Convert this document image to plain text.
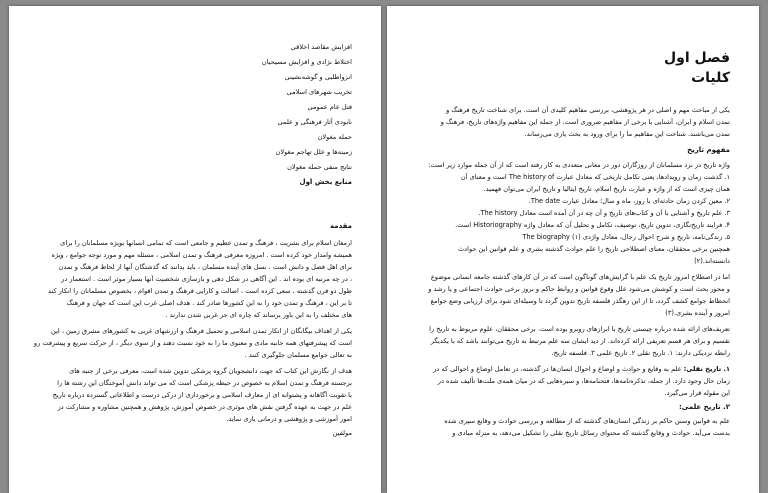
افزایش مقاصد اخلاقی
اختلاط نژادی و افزایش مسیحیان
انزواطلبی و گوشه‌نشینی
تخریب شهرهای اسلامی
قتل عام عمومی
نابودی آثار فرهنگی و علمی
حمله مغولان
زمینه‌ها و علل تهاجم مغولان
نتایج منفی حمله مغولان
منابع بخش اول
مقدمه
ارمغان اسلام برای بشریت ، فرهنگ و تمدن عظیم و جامعی است که تمامی انسانها بویژه مسلمانان را برای
همیشه وامدار خود کرده است . امروزه معرفی فرهنگ و تمدن اسلامی ، مسئله مهم و مورد توجه جوامع ، ویژه
برای اهل فضل و دانش است . نسل های آینده مسلمان ، باید بدانند که گذشتگان آنها از لحاظ فرهنگ و تمدن
، در چه مرتبه ای بوده اند . این آگاهی در شکل دهی و بازسازی شخصیت آنها بسیار موثر است . استعمار در
طول دو قرن گذشته ، سعی کرده است ، اصالت و کارایی فرهنگ و تمدن اقوام ، بخصوص مسلمانان را انکار کند
تا بر این ، فرهنگ و تمدن خود را به این کشورها صادر کند . هدف اصلی غرب این است که جهان و فرهنگ
های مختلف را به این باور برساند که چاره ای جز غربی شدن ندارند .
یکی از اهداف بیگانگان از انکار تمدن اسلامی و تحمیل فرهنگ و ارزشهای غربی به کشورهای مشرق زمین ، این
است که پیشرفتهای همه جانبه مادی و معنوی ما را به خود نسبت دهند و از سوی دیگر ، از حرکت سریع و پیشرفت رو
به تعالی جوامع مسلمان جلوگیری کنند .
هدف از نگارش این کتاب که جهت دانشجویان گروه پزشکی تدوین شده است، معرفی برخی از جنبه های
برجسته فرهنگ و تمدن اسلام به خصوص در حیطه پزشکی است که می تواند دانش آموختگان این رشته ها را
با تقویت آگاهانه و پشتوانه ای از معارف اسلامی و برخورداری از درکی درست و اطلاعاتی گسترده درباره تاریخ
علم در جهت به عهده گرفتن نقش های موثری در خصوص آموزش، پژوهش و همچنین مشاوره و مشارکت در
امور آموزشی و پژوهشی و درمانی یاری نماید.
مولفین
فصل اول
کلیات
یکی از مباحث مهم و اصلی در هر پژوهشی، بررسی مفاهیم کلیدی آن است. برای شناخت تاریخ فرهنگ و
تمدن اسلام و ایران، آشنایی با برخی از مفاهیم ضروری است. از جمله این مفاهیم واژه‌های تاریخ، فرهنگ و
تمدن می‌باشند. شناخت این مفاهیم ما را برای ورود به بحث یاری می‌رساند.
مفهوم تاریخ
واژه تاریخ در نزد مسلمانان از روزگاران دور در معانی متعددی به کار رفته است که از آن جمله موارد زیر است:
۱. گذشت زمان و رویدادها، یعنی تکامل تاریخی که معادل عبارت The history of است و معنای آن
همان چیزی است که از واژه و عبارت تاریخ اسلام، تاریخ ایتالیا و تاریخ ایران می‌توان فهمید.
۲. معین کردن زمان حادثه‌ای با روز، ماه و سال؛ معادل عبارت The date.
۳. علم تاریخ و آشنایی با آن و کتاب‌های تاریخ و آن چه در آن آمده است معادل The history.
۴. فرایند تاریخ‌نگاری، تدوین تاریخ، توصیف، تکامل و تحلیل آن که معادل واژه Historiography است.
۵. زندگی‌نامه، تاریخ و شرح احوال رجال، معادل واژدی The biography (۱)
همچنین برخی محققان، معنای اصطلاحی تاریخ را علم حوادث گذشته بشری و علم قوانین این حوادث
دانسته‌اند.(۲)
اما در اصطلاح امروز تاریخ یک علم با گرایش‌های گوناگون است که در آن کارهای گذشته جامعه انسانی موضوع
و محور بحث است و کوشش می‌شود علل وقوع قوانین و روابط حاکم و بروز برخی حوادث اجتماعی و یا رشد و
انحطاط جوامع کشف گردد، تا از این رهگذر فلسفه تاریخ تدوین گردد تا وسیله‌ای شود برای ارزیابی وضع جوامع
امروز و آینده بشری.(۳)
تعریف‌های ارائه شده درباره چیستی تاریخ با ابرازهای روبرو بوده است. برخی محققان، علوم مربوط به تاریخ را
تقسیم و برای هر قسم تعریفی ارائه کرده‌اند. از دید ایشان سه علم مرتبط به تاریخ می‌توانند باشد که با یکدیگر
رابطه نزدیکی دارند: ۱. تاریخ نقلی ۲. تاریخ علمی ۳. فلسفه تاریخ.
۱. تاریخ نقلی: علم به وقایع و حوادث و اوضاع و احوال انسان‌ها در گذشته، در تعامل اوضاع و احوالی که در
زمان حال وجود دارد. از جمله، تذکره‌نامه‌ها، فتحنامه‌ها، و سیره‌هایی که در میان همه‌ی ملت‌ها تألیف شده در
این مقوله قرار می‌گیرد.
۲. تاریخ علمی:
علم به قوانین وسنن حاکم بر زندگی انسان‌های گذشته که از مطالعه و بررسی حوادث و وقایع سپری شده
بدست می‌آید. حوادث و وقایع گذشته که محتوای رسائل تاریخ نقلی را تشکیل می‌دهد، به منزله مبادی و
